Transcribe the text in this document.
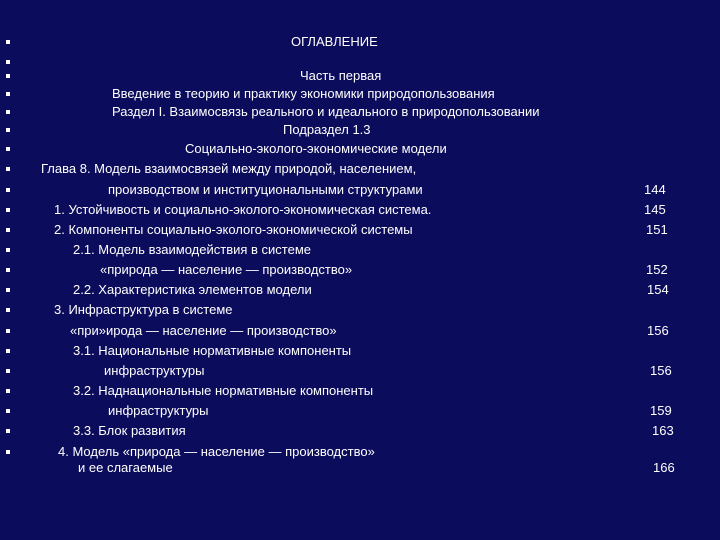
ОГЛАВЛЕНИЕ
Часть первая
Введение в теорию и практику экономики природопользования
Раздел I. Взаимосвязь реального и идеального в природопользовании
Подраздел 1.3
Социально-эколого-экономические модели
Глава 8. Модель взаимосвязей между природой, населением,
производством и институциональными структурами	144
1. Устойчивость и социально-эколого-экономическая система.	145
2. Компоненты социально-эколого-экономической системы	151
2.1. Модель взаимодействия в системе
«природа — население — производство»	152
2.2. Характеристика элементов модели	154
3. Инфраструктура в системе
«при»ирода — население — производство»	156
3.1. Национальные нормативные компоненты
инфраструктуры	156
3.2. Наднациональные нормативные компоненты
инфраструктуры	159
3.3. Блок развития	163
4. Модель «природа — население — производство»
и ее слагаемые	166
